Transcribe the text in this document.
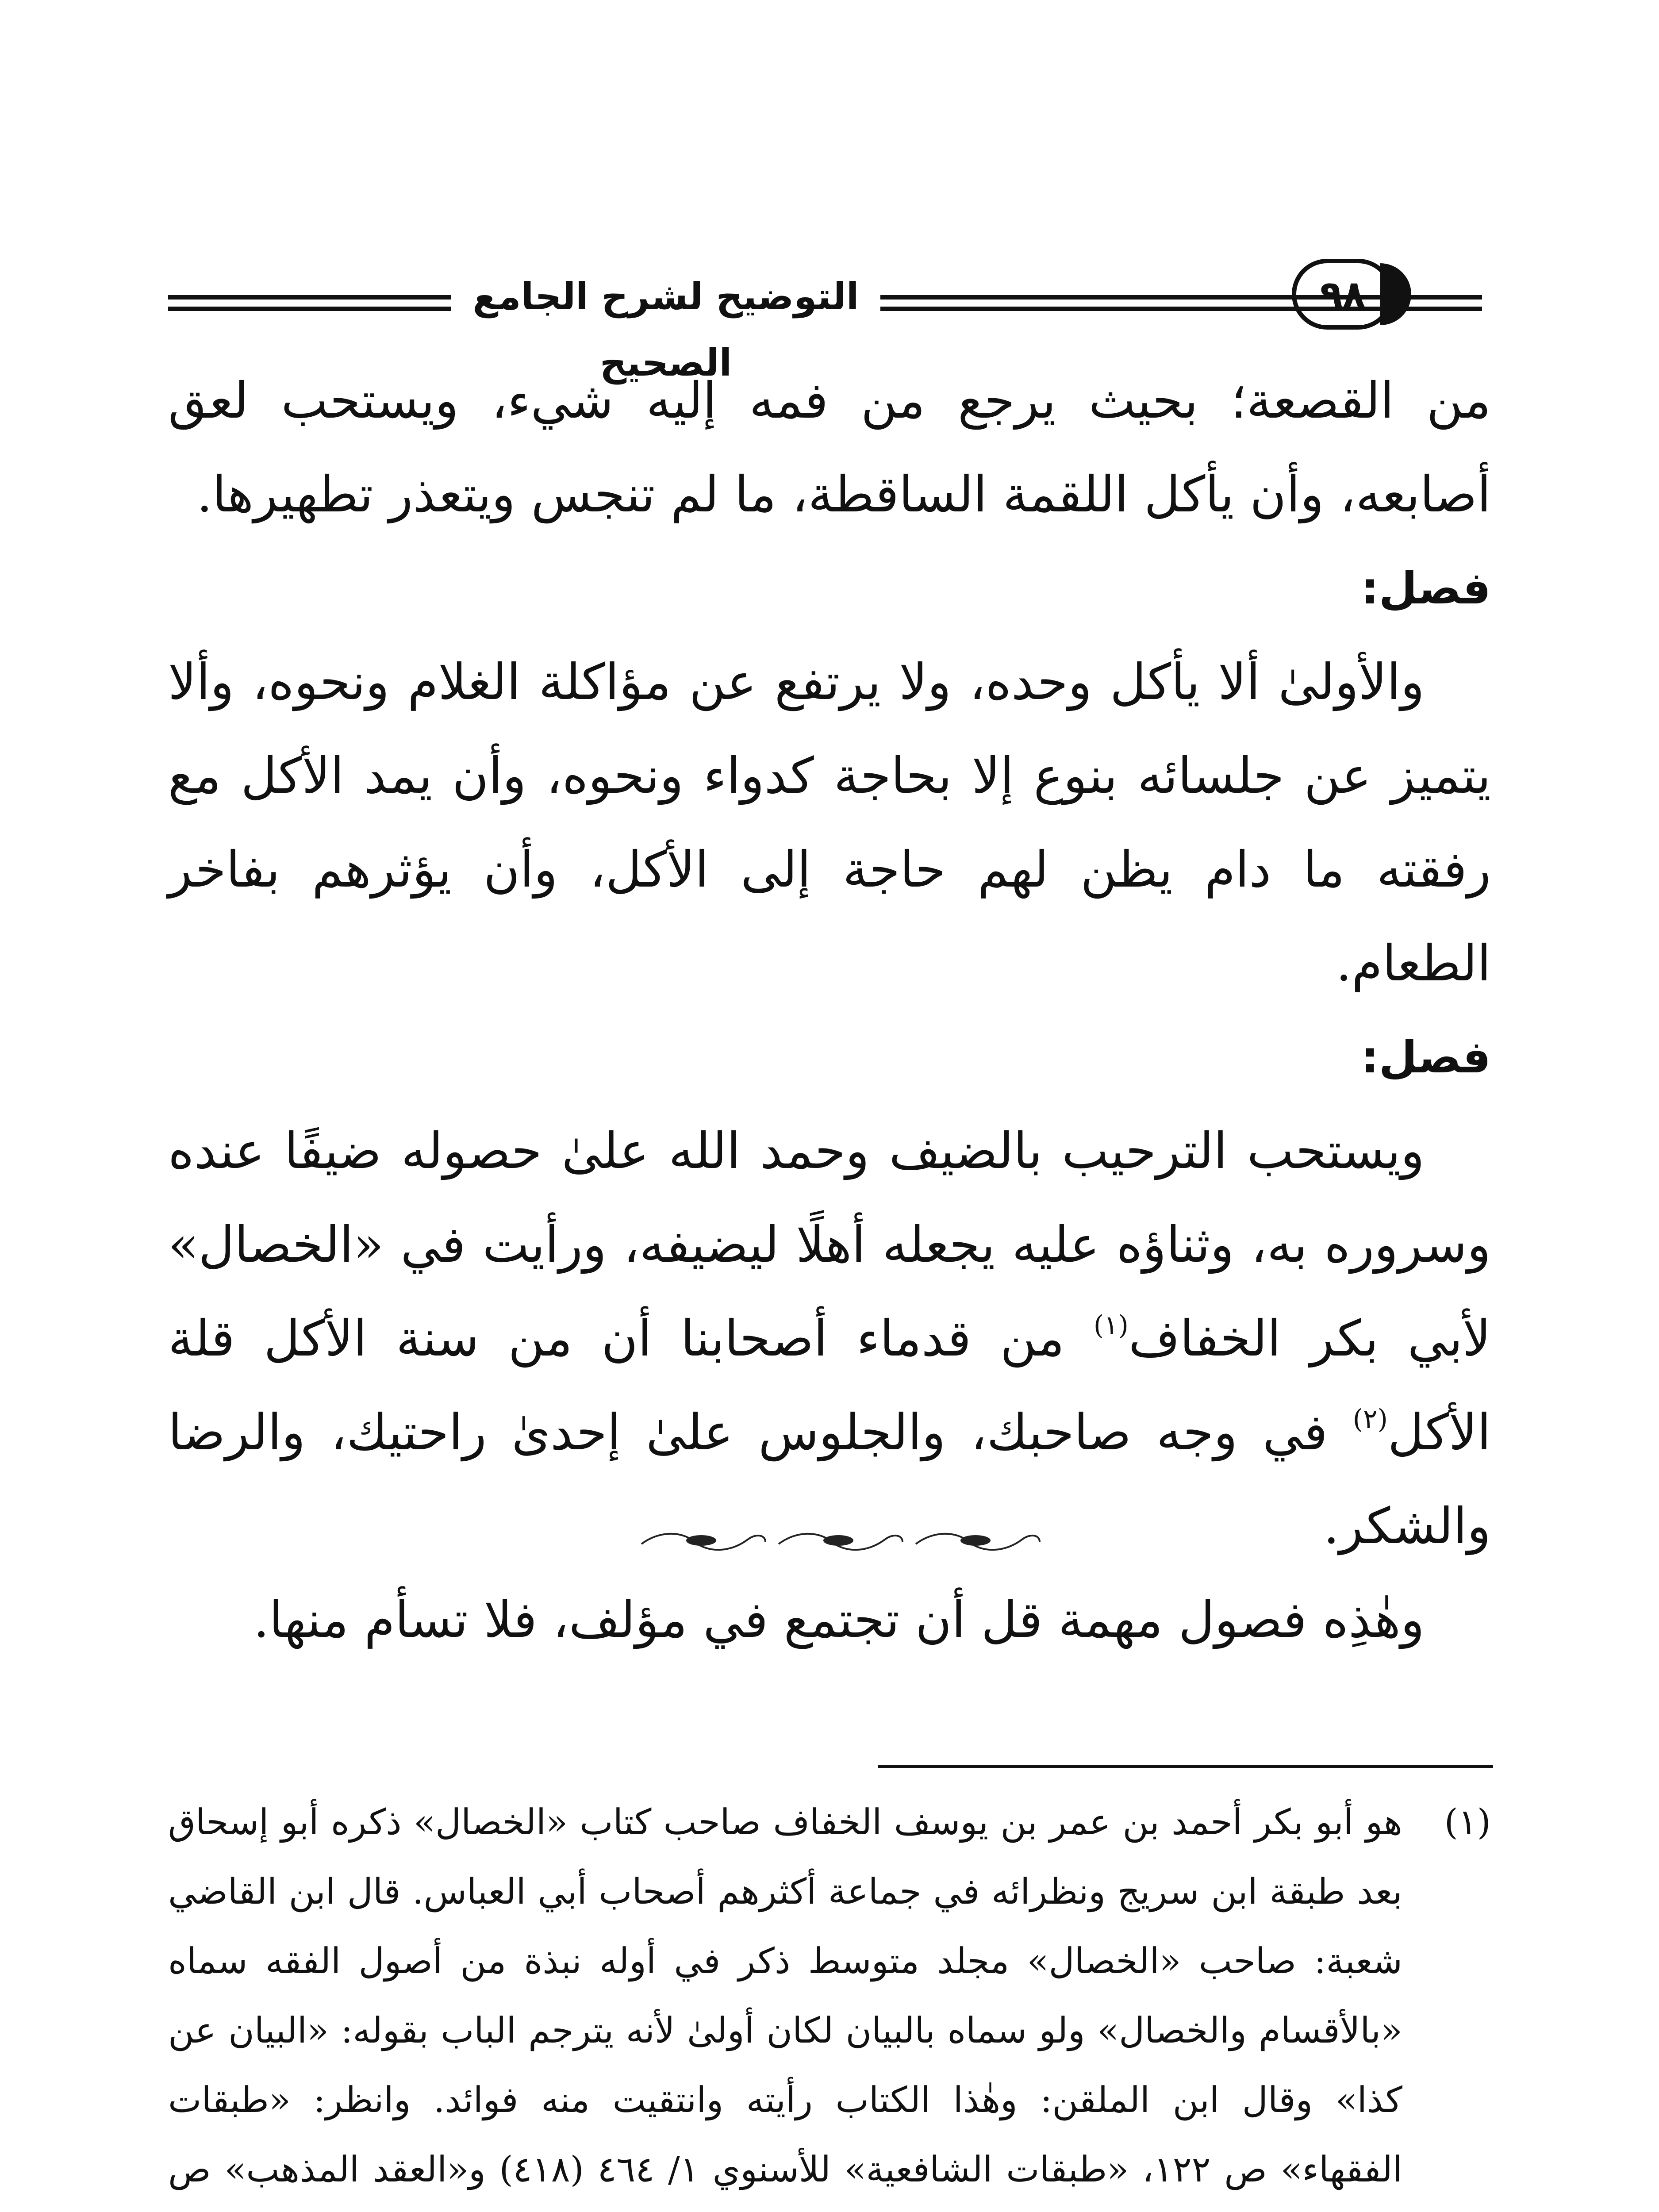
التوضيح لشرح الجامع الصحيح
٩٨

من القصعة؛ بحيث يرجع من فمه إليه شيء، ويستحب لعق أصابعه، وأن يأكل اللقمة الساقطة، ما لم تنجس ويتعذر تطهيرها.

فصل:

والأولىٰ ألا يأكل وحده، ولا يرتفع عن مؤاكلة الغلام ونحوه، وألا يتميز عن جلسائه بنوع إلا بحاجة كدواء ونحوه، وأن يمد الأكل مع رفقته ما دام يظن لهم حاجة إلى الأكل، وأن يؤثرهم بفاخر الطعام.

فصل:

ويستحب الترحيب بالضيف وحمد الله علىٰ حصوله ضيفًا عنده وسروره به، وثناؤه عليه يجعله أهلًا ليضيفه، ورأيت في «الخصال» لأبي بكر الخفاف$^{(١)}$ من قدماء أصحابنا أن من سنة الأكل قلة الأكل$^{(٢)}$ في وجه صاحبك، والجلوس علىٰ إحدىٰ راحتيك، والرضا والشكر.

وهٰذِه فصول مهمة قل أن تجتمع في مؤلف، فلا تسأم منها.

(١)
هو أبو بكر أحمد بن عمر بن يوسف الخفاف صاحب كتاب «الخصال» ذكره أبو إسحاق بعد طبقة ابن سريج ونظرائه في جماعة أكثرهم أصحاب أبي العباس. قال ابن القاضي شعبة: صاحب «الخصال» مجلد متوسط ذكر في أوله نبذة من أصول الفقه سماه «بالأقسام والخصال» ولو سماه بالبيان لكان أولىٰ لأنه يترجم الباب بقوله: «البيان عن كذا» وقال ابن الملقن: وهٰذا الكتاب رأيته وانتقيت منه فوائد. وانظر: «طبقات الفقهاء» ص ١٢٢، «طبقات الشافعية» للأسنوي ١/ ٤٦٤ (٤١٨) و«العقد المذهب» ص
